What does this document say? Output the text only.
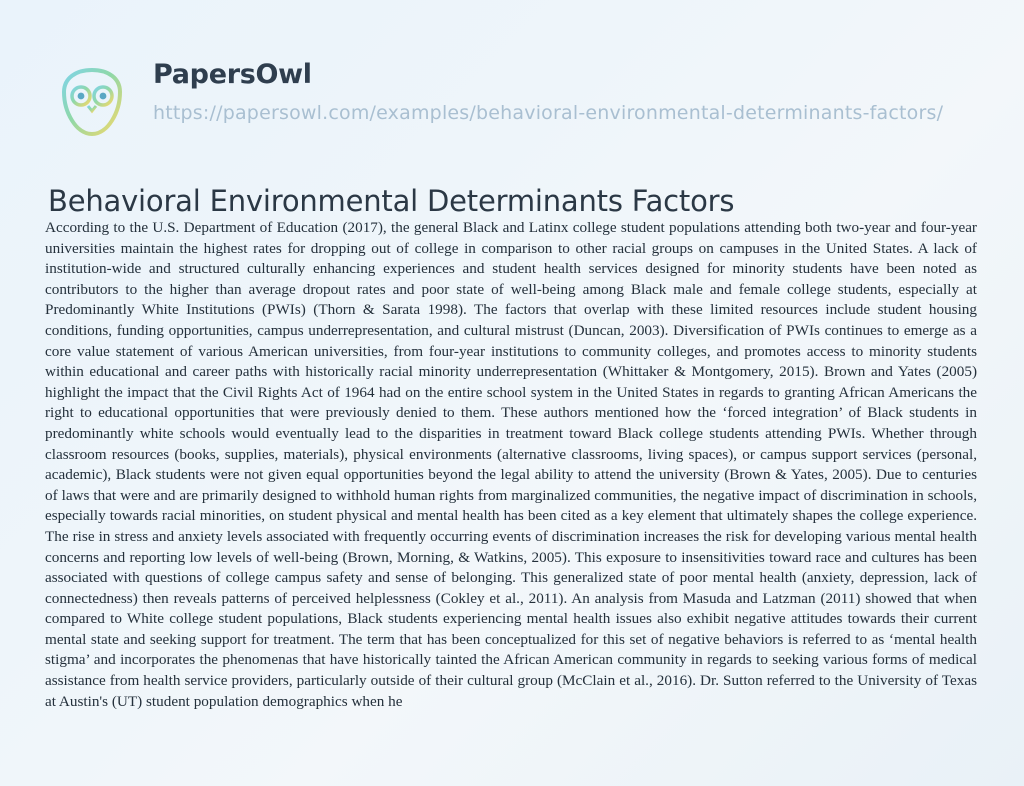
PapersOwl
https://papersowl.com/examples/behavioral-environmental-determinants-factors/
Behavioral Environmental Determinants Factors
According to the U.S. Department of Education (2017), the general Black and Latinx college student populations attending both two-year and four-year universities maintain the highest rates for dropping out of college in comparison to other racial groups on campuses in the United States. A lack of institution-wide and structured culturally enhancing experiences and student health services designed for minority students have been noted as contributors to the higher than average dropout rates and poor state of well-being among Black male and female college students, especially at Predominantly White Institutions (PWIs) (Thorn & Sarata 1998). The factors that overlap with these limited resources include student housing conditions, funding opportunities, campus underrepresentation, and cultural mistrust (Duncan, 2003). Diversification of PWIs continues to emerge as a core value statement of various American universities, from four-year institutions to community colleges, and promotes access to minority students within educational and career paths with historically racial minority underrepresentation (Whittaker & Montgomery, 2015). Brown and Yates (2005) highlight the impact that the Civil Rights Act of 1964 had on the entire school system in the United States in regards to granting African Americans the right to educational opportunities that were previously denied to them. These authors mentioned how the ‘forced integration’ of Black students in predominantly white schools would eventually lead to the disparities in treatment toward Black college students attending PWIs. Whether through classroom resources (books, supplies, materials), physical environments (alternative classrooms, living spaces), or campus support services (personal, academic), Black students were not given equal opportunities beyond the legal ability to attend the university (Brown & Yates, 2005). Due to centuries of laws that were and are primarily designed to withhold human rights from marginalized communities, the negative impact of discrimination in schools, especially towards racial minorities, on student physical and mental health has been cited as a key element that ultimately shapes the college experience. The rise in stress and anxiety levels associated with frequently occurring events of discrimination increases the risk for developing various mental health concerns and reporting low levels of well-being (Brown, Morning, & Watkins, 2005). This exposure to insensitivities toward race and cultures has been associated with questions of college campus safety and sense of belonging. This generalized state of poor mental health (anxiety, depression, lack of connectedness) then reveals patterns of perceived helplessness (Cokley et al., 2011). An analysis from Masuda and Latzman (2011) showed that when compared to White college student populations, Black students experiencing mental health issues also exhibit negative attitudes towards their current mental state and seeking support for treatment. The term that has been conceptualized for this set of negative behaviors is referred to as ‘mental health stigma’ and incorporates the phenomenas that have historically tainted the African American community in regards to seeking various forms of medical assistance from health service providers, particularly outside of their cultural group (McClain et al., 2016). Dr. Sutton referred to the University of Texas at Austin's (UT) student population demographics when he
